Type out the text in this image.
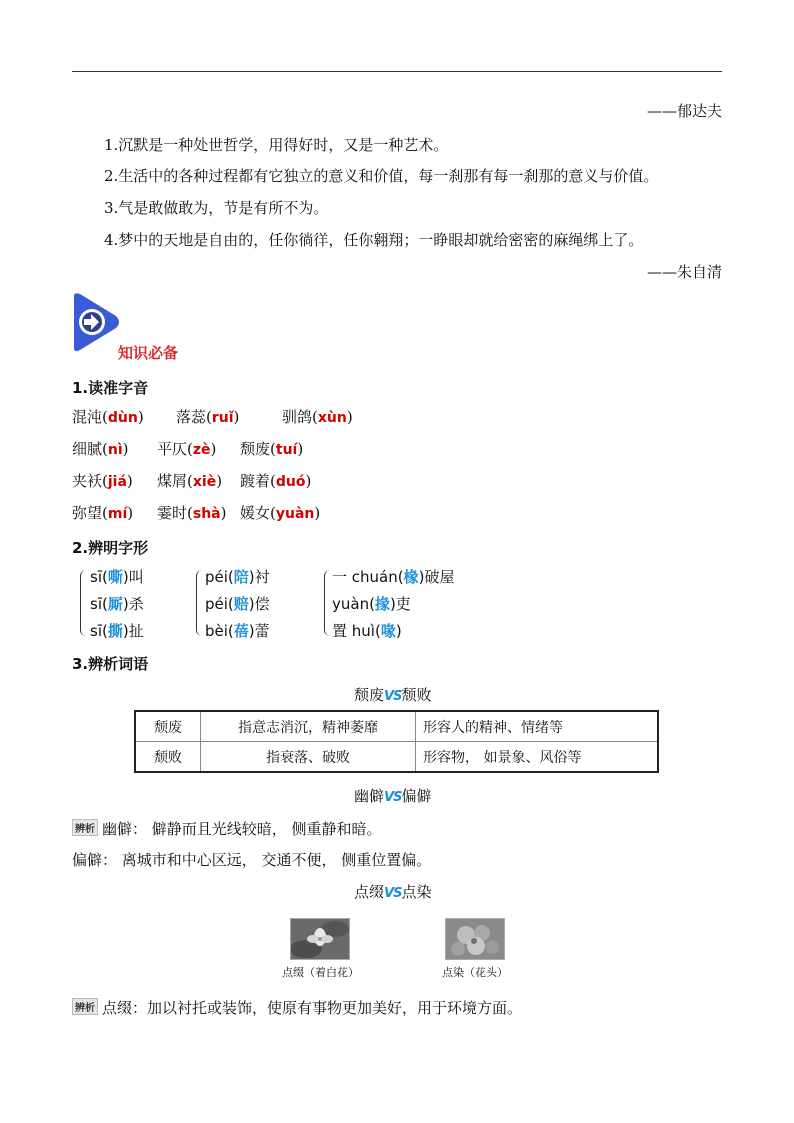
——郁达夫
1.沉默是一种处世哲学，用得好时，又是一种艺术。
2.生活中的各种过程都有它独立的意义和价值，每一刹那有每一刹那的意义与价值。
3.气是敢做敢为，节是有所不为。
4.梦中的天地是自由的，任你徜徉，任你翱翔；一睁眼却就给密密的麻绳绑上了。
——朱自清
知识必备
1.读准字音
混沌(dùn) 落蕊(ruǐ)	驯鸽(xùn)
细腻(nì) 平仄(zè) 颓废(tuí)
夹袄(jiá) 煤屑(xiè) 踱着(duó)
弥望(mí) 霎时(shà) 媛女(yuàn)
2.辨明字形
sī(嘶)叫
sī(厮)杀
sī(撕)扯
péi(陪)衬
péi(赔)偿
bèi(蓓)蕾
一 chuán(椽)破屋
yuàn(掾)吏
置 huì(喙)
3.辨析词语
颓废VS颓败
颓废	指意志消沉，精神萎靡	形容人的精神、情绪等
颓败	指衰落、破败	形容物， 如景象、风俗等
幽僻VS偏僻
辨析 幽僻： 僻静而且光线较暗， 侧重静和暗。
偏僻： 离城市和中心区远， 交通不便， 侧重位置偏。
点缀VS点染
点缀（着白花）	点染（花头）
辨析 点缀：加以衬托或装饰，使原有事物更加美好，用于环境方面。
